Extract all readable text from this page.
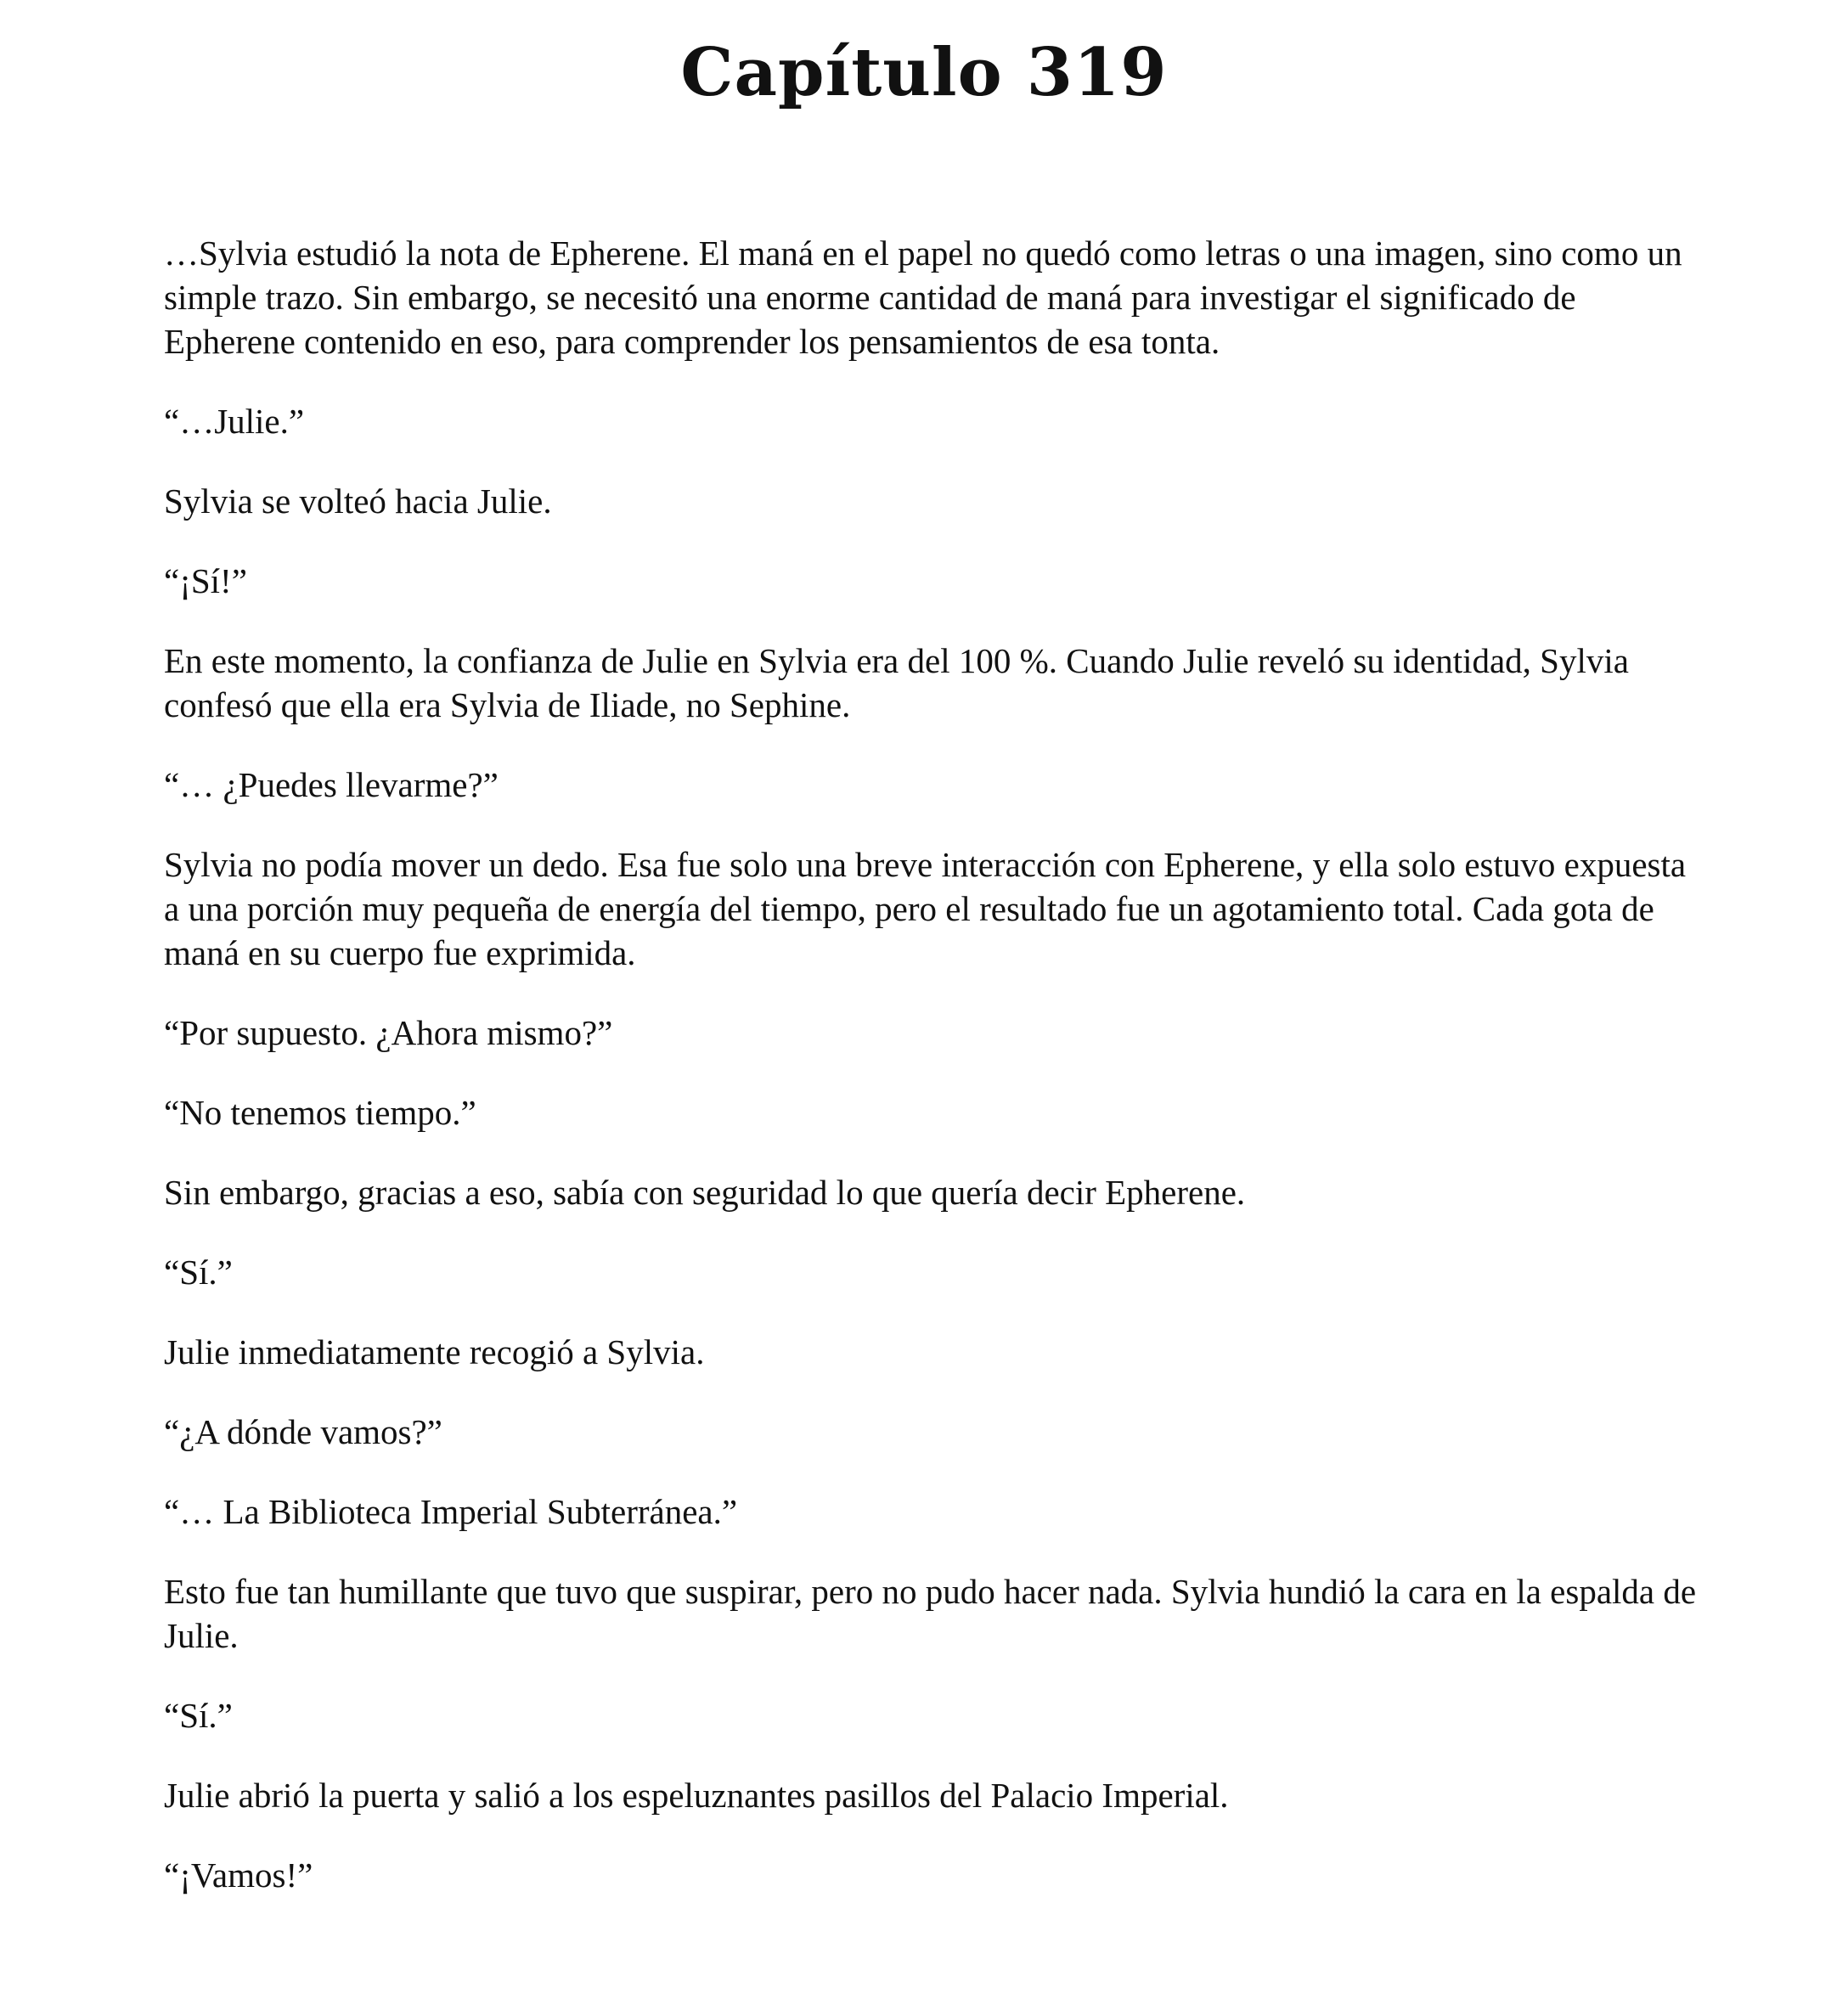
Capítulo 319

…Sylvia estudió la nota de Epherene. El maná en el papel no quedó como letras o una imagen, sino como un simple trazo. Sin embargo, se necesitó una enorme cantidad de maná para investigar el significado de Epherene contenido en eso, para comprender los pensamientos de esa tonta.

“…Julie.”

Sylvia se volteó hacia Julie.

“¡Sí!”

En este momento, la confianza de Julie en Sylvia era del 100 %. Cuando Julie reveló su identidad, Sylvia confesó que ella era Sylvia de Iliade, no Sephine.

“… ¿Puedes llevarme?”

Sylvia no podía mover un dedo. Esa fue solo una breve interacción con Epherene, y ella solo estuvo expuesta a una porción muy pequeña de energía del tiempo, pero el resultado fue un agotamiento total. Cada gota de maná en su cuerpo fue exprimida.

“Por supuesto. ¿Ahora mismo?”

“No tenemos tiempo.”

Sin embargo, gracias a eso, sabía con seguridad lo que quería decir Epherene.

“Sí.”

Julie inmediatamente recogió a Sylvia.

“¿A dónde vamos?”

“… La Biblioteca Imperial Subterránea.”

Esto fue tan humillante que tuvo que suspirar, pero no pudo hacer nada. Sylvia hundió la cara en la espalda de Julie.

“Sí.”

Julie abrió la puerta y salió a los espeluznantes pasillos del Palacio Imperial.

“¡Vamos!”
